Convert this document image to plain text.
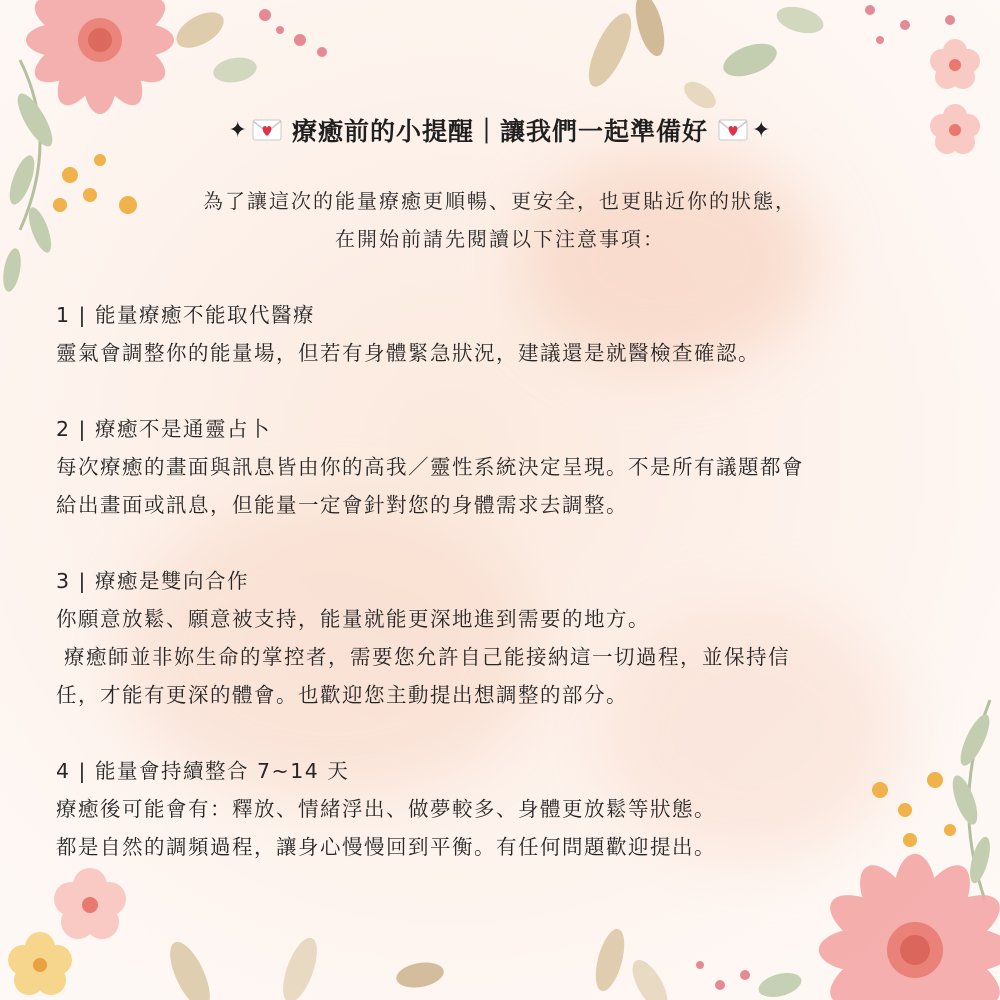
✦ 療癒前的小提醒｜讓我們一起準備好 ✦
為了讓這次的能量療癒更順暢、更安全，也更貼近你的狀態，
在開始前請先閱讀以下注意事項：
1 | 能量療癒不能取代醫療
靈氣會調整你的能量場，但若有身體緊急狀況，建議還是就醫檢查確認。
2 | 療癒不是通靈占卜
每次療癒的畫面與訊息皆由你的高我／靈性系統決定呈現。不是所有議題都會
給出畫面或訊息，但能量一定會針對您的身體需求去調整。
3 | 療癒是雙向合作
你願意放鬆、願意被支持，能量就能更深地進到需要的地方。
療癒師並非妳生命的掌控者，需要您允許自己能接納這一切過程，並保持信
任，才能有更深的體會。也歡迎您主動提出想調整的部分。
4 | 能量會持續整合 7~14 天
療癒後可能會有：釋放、情緒浮出、做夢較多、身體更放鬆等狀態。
都是自然的調頻過程，讓身心慢慢回到平衡。有任何問題歡迎提出。
